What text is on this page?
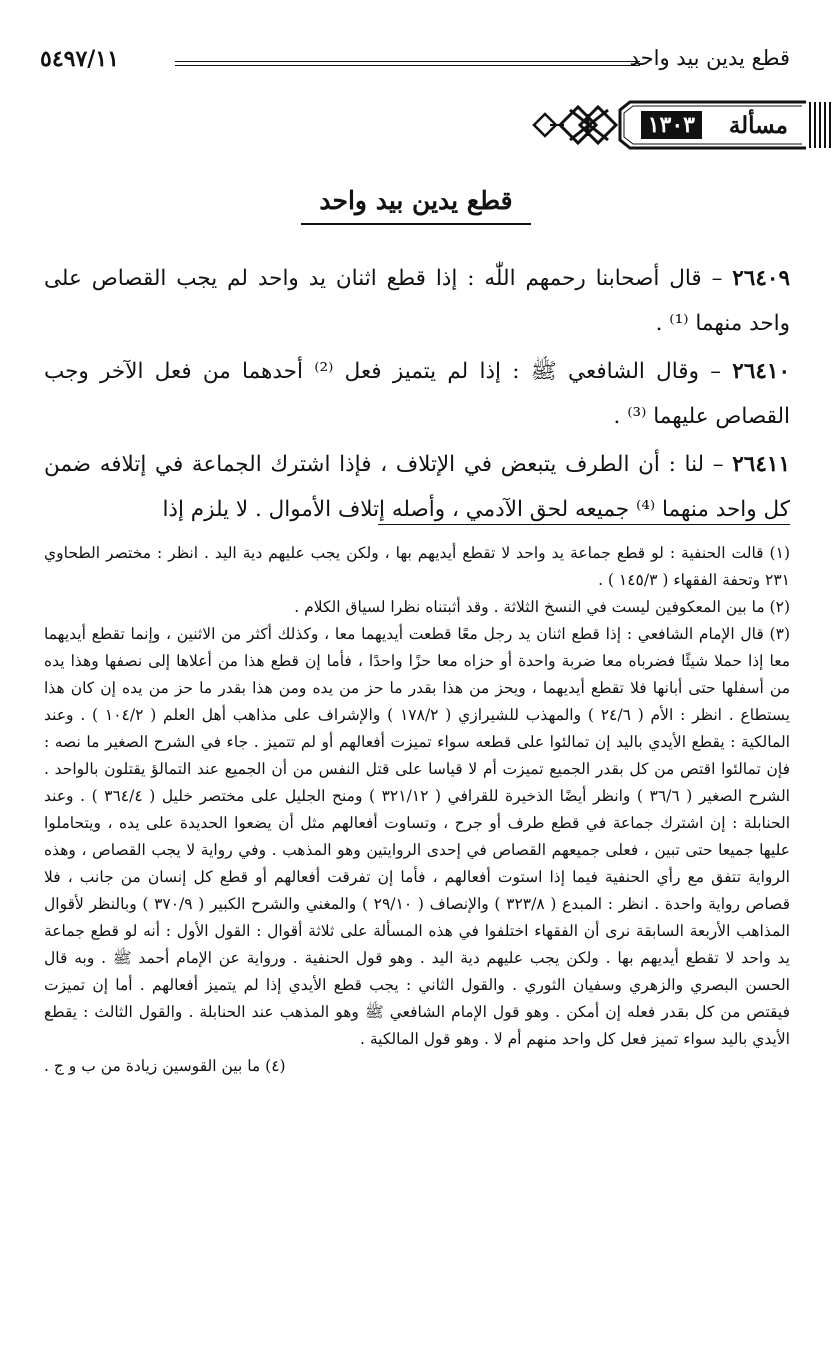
قطع يدين بيد واحد
٥٤٩٧/١١
مسألة
١٣٠٣
قطع يدين بيد واحد

٢٦٤٠٩ – قال أصحابنا رحمهم اللّٰه : إذا قطع اثنان يد واحد لم يجب القصاص على واحد منهما ⁽¹⁾ .

٢٦٤١٠ – وقال الشافعي ﷺ : إذا لم يتميز فعل ⁽²⁾ أحدهما من فعل الآخر وجب القصاص عليهما ⁽³⁾ .

٢٦٤١١ – لنا : أن الطرف يتبعض في الإتلاف ، فإذا اشترك الجماعة في إتلافه ضمن كل واحد منهما ⁽⁴⁾ جميعه لحق الآدمي ، وأصله إتلاف الأموال . لا يلزم إذا

(١) قالت الحنفية : لو قطع جماعة يد واحد لا تقطع أيديهم بها ، ولكن يجب عليهم دية اليد . انظر : مختصر الطحاوي ٢٣١ وتحفة الفقهاء ( ١٤٥/٣ ) .

(٢) ما بين المعكوفين ليست في النسخ الثلاثة . وقد أثبتناه نظرا لسياق الكلام .

(٣) قال الإمام الشافعي : إذا قطع اثنان يد رجل معًا قطعت أيديهما معا ، وكذلك أكثر من الاثنين ، وإنما تقطع أيديهما معا إذا حملا شيئًا فضرباه معا ضربة واحدة أو حزاه معا حزًا واحدًا ، فأما إن قطع هذا من أعلاها إلى نصفها وهذا يده من أسفلها حتى أبانها فلا تقطع أيديهما ، ويحز من هذا بقدر ما حز من يده ومن هذا بقدر ما حز من يده إن كان هذا يستطاع . انظر : الأم ( ٢٤/٦ ) والمهذب للشيرازي ( ١٧٨/٢ ) والإشراف على مذاهب أهل العلم ( ١٠٤/٢ ) . وعند المالكية : يقطع الأيدي باليد إن تمالئوا على قطعه سواء تميزت أفعالهم أو لم تتميز . جاء في الشرح الصغير ما نصه : فإن تمالئوا اقتص من كل بقدر الجميع تميزت أم لا قياسا على قتل النفس من أن الجميع عند التمالؤ يقتلون بالواحد . الشرح الصغير ( ٣٦/٦ ) وانظر أيضًا الذخيرة للقرافي ( ٣٢١/١٢ ) ومنح الجليل على مختصر خليل ( ٣٦٤/٤ ) . وعند الحنابلة : إن اشترك جماعة في قطع طرف أو جرح ، وتساوت أفعالهم مثل أن يضعوا الحديدة على يده ، ويتحاملوا عليها جميعا حتى تبين ، فعلى جميعهم القصاص في إحدى الروايتين وهو المذهب . وفي رواية لا يجب القصاص ، وهذه الرواية تتفق مع رأي الحنفية فيما إذا استوت أفعالهم ، فأما إن تفرقت أفعالهم أو قطع كل إنسان من جانب ، فلا قصاص رواية واحدة . انظر : المبدع ( ٣٢٣/٨ ) والإنصاف ( ٢٩/١٠ ) والمغني والشرح الكبير ( ٣٧٠/٩ ) وبالنظر لأقوال المذاهب الأربعة السابقة نرى أن الفقهاء اختلفوا في هذه المسألة على ثلاثة أقوال : القول الأول : أنه لو قطع جماعة يد واحد لا تقطع أيديهم بها . ولكن يجب عليهم دية اليد . وهو قول الحنفية . ورواية عن الإمام أحمد ﷺ . وبه قال الحسن البصري والزهري وسفيان الثوري . والقول الثاني : يجب قطع الأيدي إذا لم يتميز أفعالهم . أما إن تميزت فيقتص من كل بقدر فعله إن أمكن . وهو قول الإمام الشافعي ﷺ وهو المذهب عند الحنابلة . والقول الثالث : يقطع الأيدي باليد سواء تميز فعل كل واحد منهم أم لا . وهو قول المالكية .

(٤) ما بين القوسين زيادة من ب و ج .
